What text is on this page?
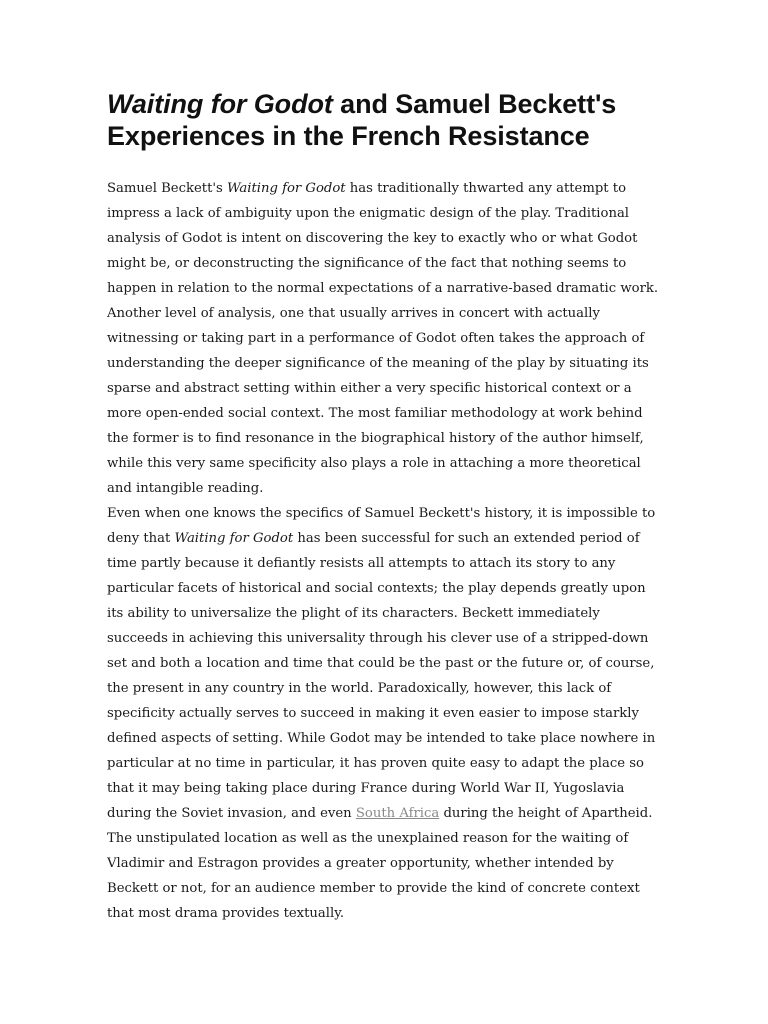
Waiting for Godot and Samuel Beckett's Experiences in the French Resistance

Samuel Beckett's Waiting for Godot has traditionally thwarted any attempt to impress a lack of ambiguity upon the enigmatic design of the play. Traditional analysis of Godot is intent on discovering the key to exactly who or what Godot might be, or deconstructing the significance of the fact that nothing seems to happen in relation to the normal expectations of a narrative-based dramatic work. Another level of analysis, one that usually arrives in concert with actually witnessing or taking part in a performance of Godot often takes the approach of understanding the deeper significance of the meaning of the play by situating its sparse and abstract setting within either a very specific historical context or a more open-ended social context. The most familiar methodology at work behind the former is to find resonance in the biographical history of the author himself, while this very same specificity also plays a role in attaching a more theoretical and intangible reading.

Even when one knows the specifics of Samuel Beckett's history, it is impossible to deny that Waiting for Godot has been successful for such an extended period of time partly because it defiantly resists all attempts to attach its story to any particular facets of historical and social contexts; the play depends greatly upon its ability to universalize the plight of its characters. Beckett immediately succeeds in achieving this universality through his clever use of a stripped-down set and both a location and time that could be the past or the future or, of course, the present in any country in the world. Paradoxically, however, this lack of specificity actually serves to succeed in making it even easier to impose starkly defined aspects of setting. While Godot may be intended to take place nowhere in particular at no time in particular, it has proven quite easy to adapt the place so that it may being taking place during France during World War II, Yugoslavia during the Soviet invasion, and even South Africa during the height of Apartheid. The unstipulated location as well as the unexplained reason for the waiting of Vladimir and Estragon provides a greater opportunity, whether intended by Beckett or not, for an audience member to provide the kind of concrete context that most drama provides textually.
